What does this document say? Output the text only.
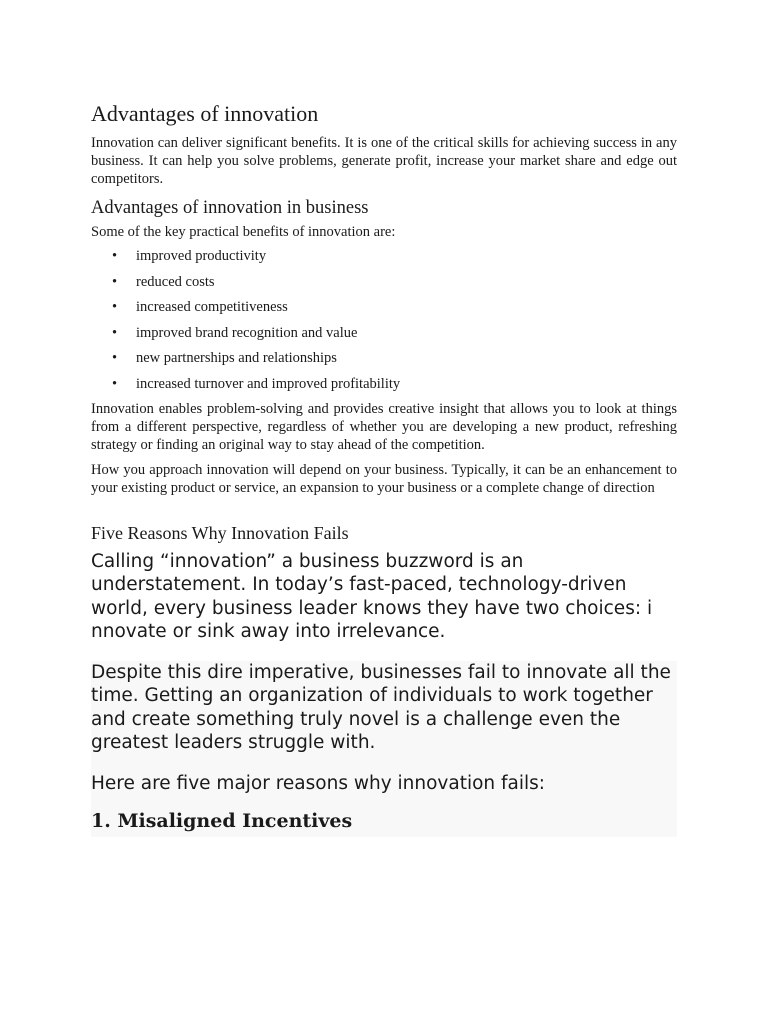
Advantages of innovation

Innovation can deliver significant benefits. It is one of the critical skills for achieving success in any business. It can help you solve problems, generate profit, increase your market share and edge out competitors.

Advantages of innovation in business

Some of the key practical benefits of innovation are:

• improved productivity
• reduced costs
• increased competitiveness
• improved brand recognition and value
• new partnerships and relationships
• increased turnover and improved profitability

Innovation enables problem-solving and provides creative insight that allows you to look at things from a different perspective, regardless of whether you are developing a new product, refreshing strategy or finding an original way to stay ahead of the competition.

How you approach innovation will depend on your business. Typically, it can be an enhancement to your existing product or service, an expansion to your business or a complete change of direction

Five Reasons Why Innovation Fails

Calling “innovation” a business buzzword is an understatement. In today’s fast-paced, technology-driven world, every business leader knows they have two choices: i nnovate or sink away into irrelevance.

Despite this dire imperative, businesses fail to innovate all the time. Getting an organization of individuals to work together and create something truly novel is a challenge even the greatest leaders struggle with.

Here are five major reasons why innovation fails:

1. Misaligned Incentives
